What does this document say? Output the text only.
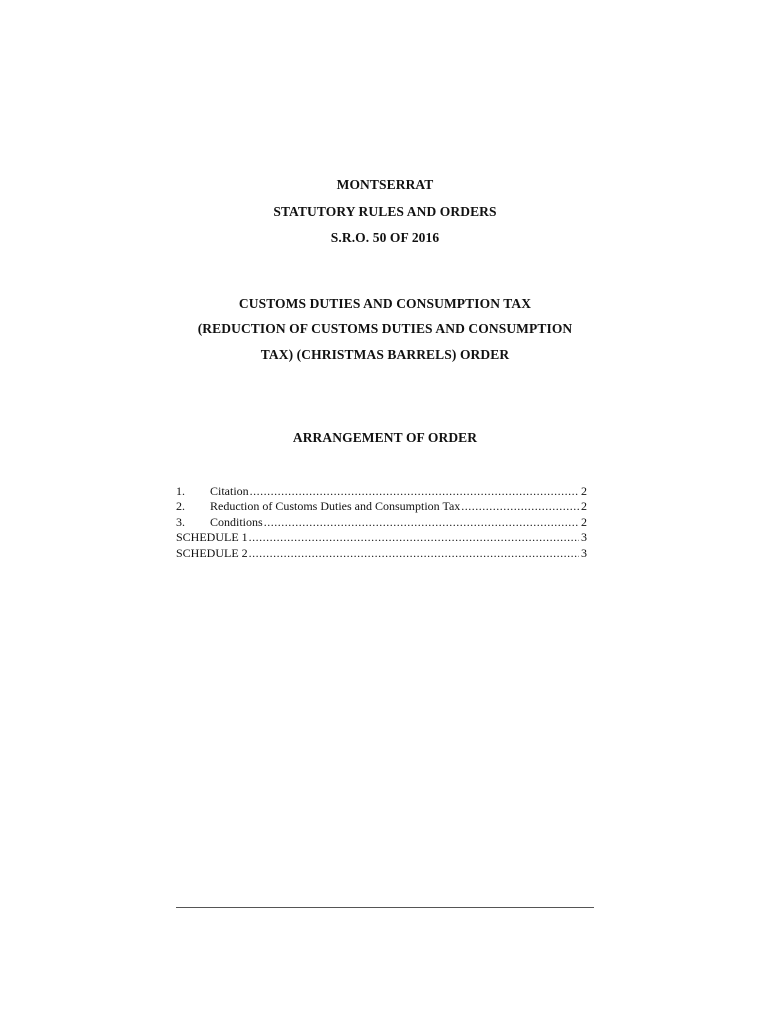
MONTSERRAT
STATUTORY RULES AND ORDERS
S.R.O. 50 OF 2016
CUSTOMS DUTIES AND CONSUMPTION TAX
(REDUCTION OF CUSTOMS DUTIES AND CONSUMPTION
TAX) (CHRISTMAS BARRELS) ORDER
ARRANGEMENT OF ORDER
1.	Citation .....	2
2.	Reduction of Customs Duties and Consumption Tax .....	2
3.	Conditions .....	2
SCHEDULE 1 .....	3
SCHEDULE 2 .....	3
